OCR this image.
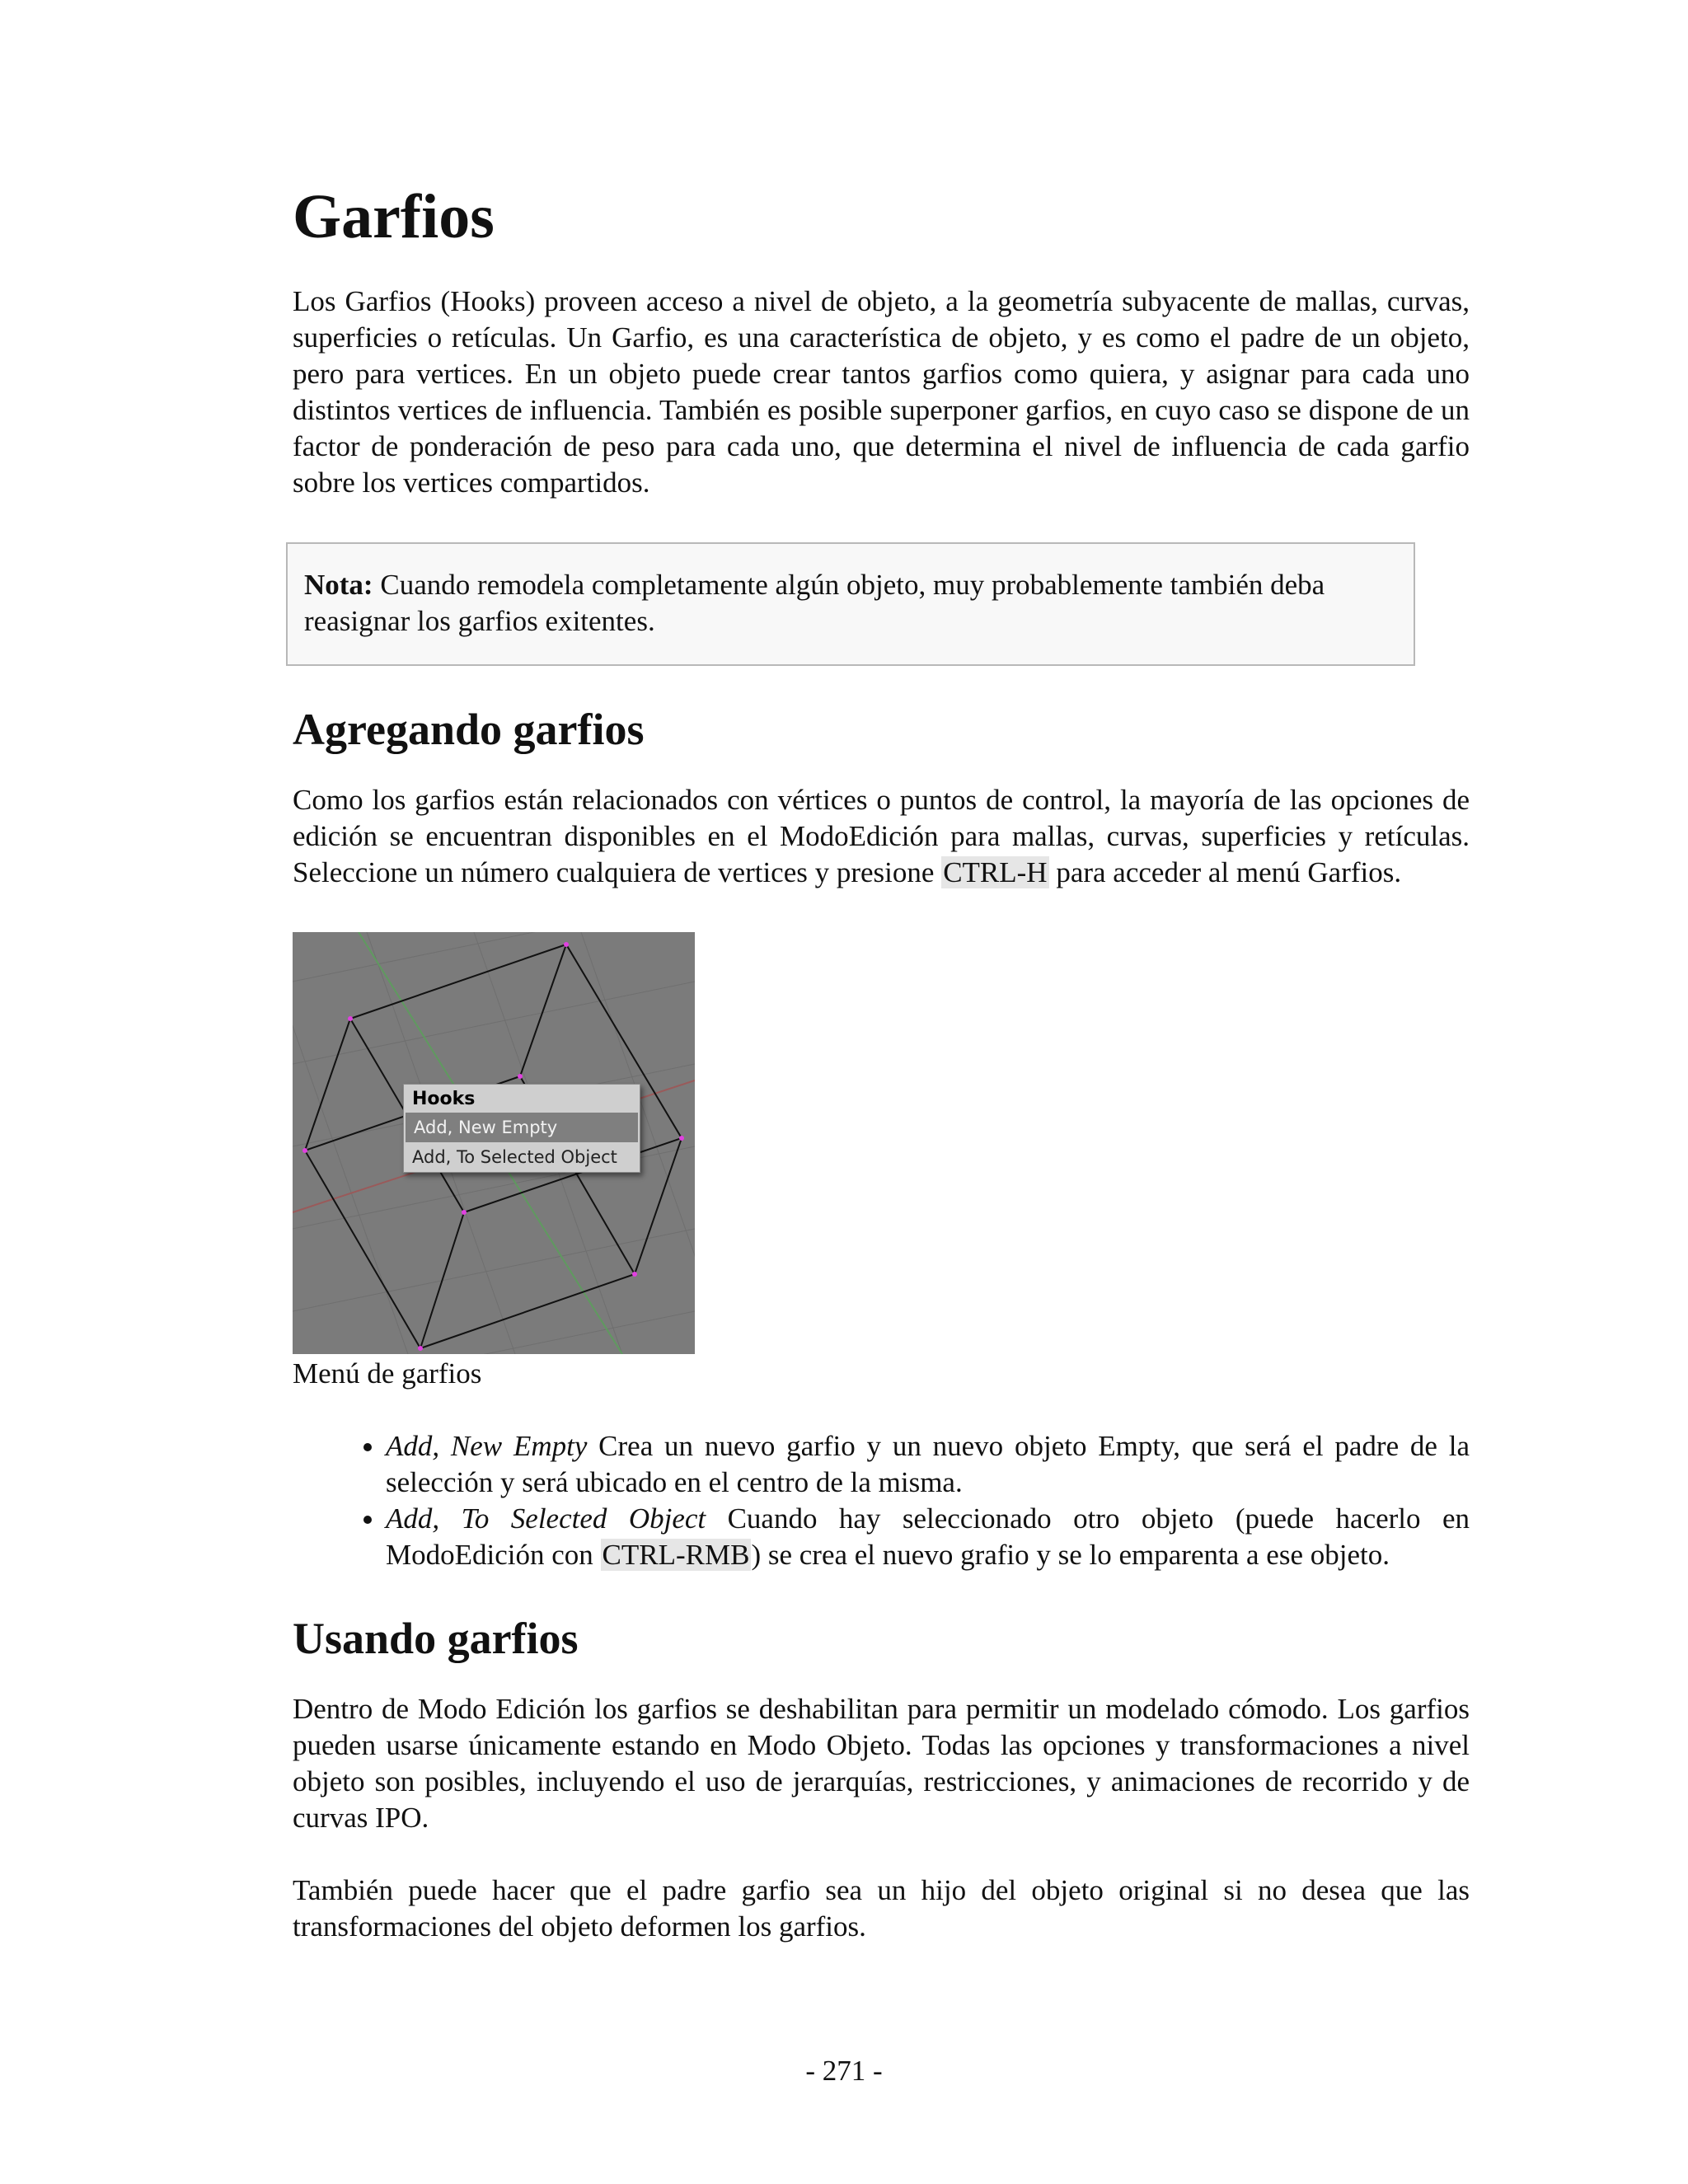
Garfios

Los Garfios (Hooks) proveen acceso a nivel de objeto, a la geometría subyacente de mallas, curvas, superficies o retículas. Un Garfio, es una característica de objeto, y es como el padre de un objeto, pero para vertices. En un objeto puede crear tantos garfios como quiera, y asignar para cada uno distintos vertices de influencia. También es posible superponer garfios, en cuyo caso se dispone de un factor de ponderación de peso para cada uno, que determina el nivel de influencia de cada garfio sobre los vertices compartidos.

Nota: Cuando remodela completamente algún objeto, muy probablemente también deba reasignar los garfios exitentes.
Agregando garfios

Como los garfios están relacionados con vértices o puntos de control, la mayoría de las opciones de edición se encuentran disponibles en el ModoEdición para mallas, curvas, superficies y retículas. Seleccione un número cualquiera de vertices y presione CTRL-H para acceder al menú Garfios.

Hooks
Add, New Empty
Add, To Selected Object
Menú de garfios
• Add, New Empty Crea un nuevo garfio y un nuevo objeto Empty, que será el padre de la selección y será ubicado en el centro de la misma.
• Add, To Selected Object Cuando hay seleccionado otro objeto (puede hacerlo en ModoEdición con CTRL-RMB) se crea el nuevo grafio y se lo emparenta a ese objeto.
Usando garfios

Dentro de Modo Edición los garfios se deshabilitan para permitir un modelado cómodo. Los garfios pueden usarse únicamente estando en Modo Objeto. Todas las opciones y transformaciones a nivel objeto son posibles, incluyendo el uso de jerarquías, restricciones, y animaciones de recorrido y de curvas IPO.

También puede hacer que el padre garfio sea un hijo del objeto original si no desea que las transformaciones del objeto deformen los garfios.

- 271 -
